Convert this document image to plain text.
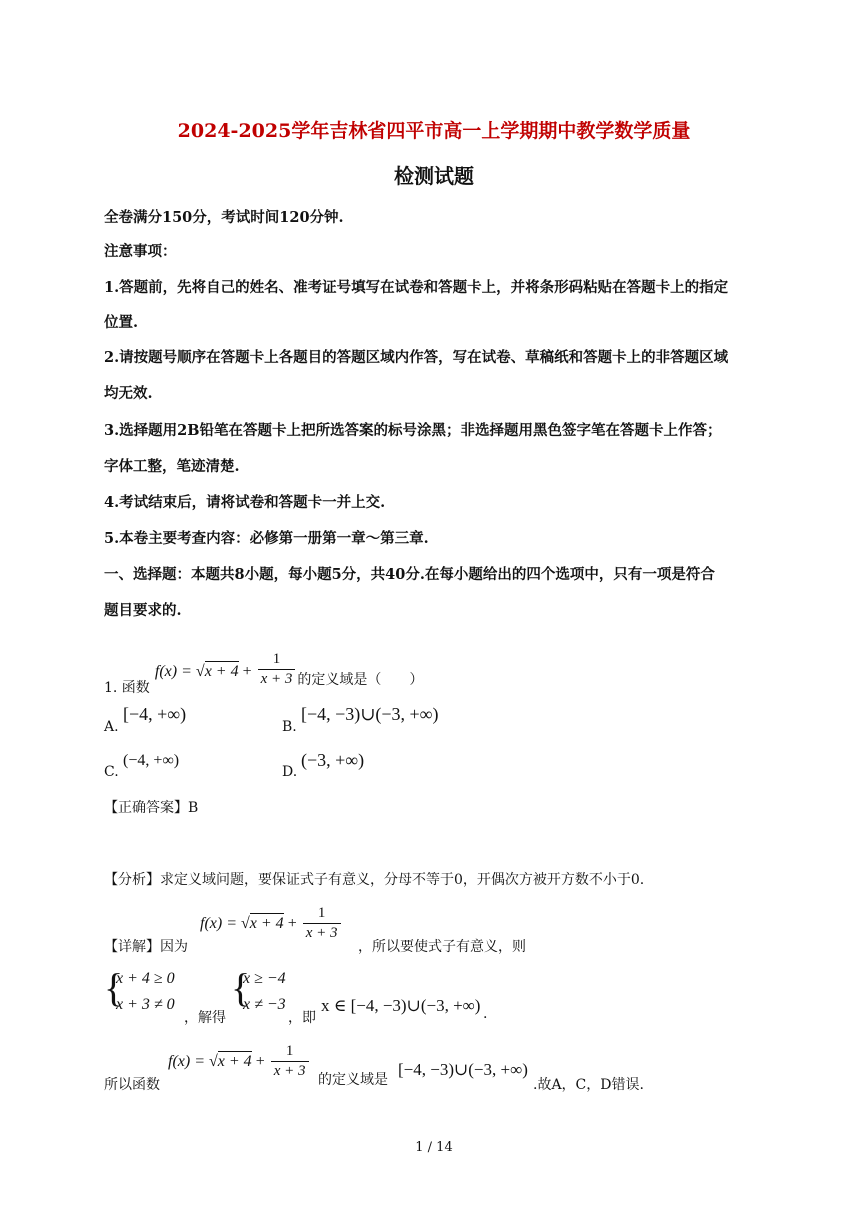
2024-2025学年吉林省四平市高一上学期期中教学数学质量
检测试题
全卷满分150分，考试时间120分钟.
注意事项：
1.答题前，先将自己的姓名、准考证号填写在试卷和答题卡上，并将条形码粘贴在答题卡上的指定
位置.
2.请按题号顺序在答题卡上各题目的答题区域内作答，写在试卷、草稿纸和答题卡上的非答题区域
均无效.
3.选择题用2B铅笔在答题卡上把所选答案的标号涂黑；非选择题用黑色签字笔在答题卡上作答；
字体工整，笔迹清楚.
4.考试结束后，请将试卷和答题卡一并上交.
5.本卷主要考查内容：必修第一册第一章～第三章.
一、选择题：本题共8小题，每小题5分，共40分.在每小题给出的四个选项中，只有一项是符合
题目要求的.
1. 函数 $f(x) = √x + 4 + \frac{1}{x + 3}$ 的定义域是（　　）
A.
[−4, +∞)
B.
[−4, −3)∪(−3, +∞)
C.
(−4, +∞)
D.
(−3, +∞)
【正确答案】B
【分析】求定义域问题，要保证式子有意义，分母不等于0，开偶次方被开方数不小于0.
【详解】因为
$f(x) = √x + 4 + \frac{1}{x + 3}$
，所以要使式子有意义，则
{
x + 4 ≥ 0
x + 3 ≠ 0
，解得
{
x ≥ −4
x ≠ −3
，即
x ∈ [−4, −3)∪(−3, +∞) .
所以函数
$f(x) = √x + 4 + \frac{1}{x + 3}$ 的定义域是
[−4, −3)∪(−3, +∞)
.故A，C，D错误.
1 / 14
